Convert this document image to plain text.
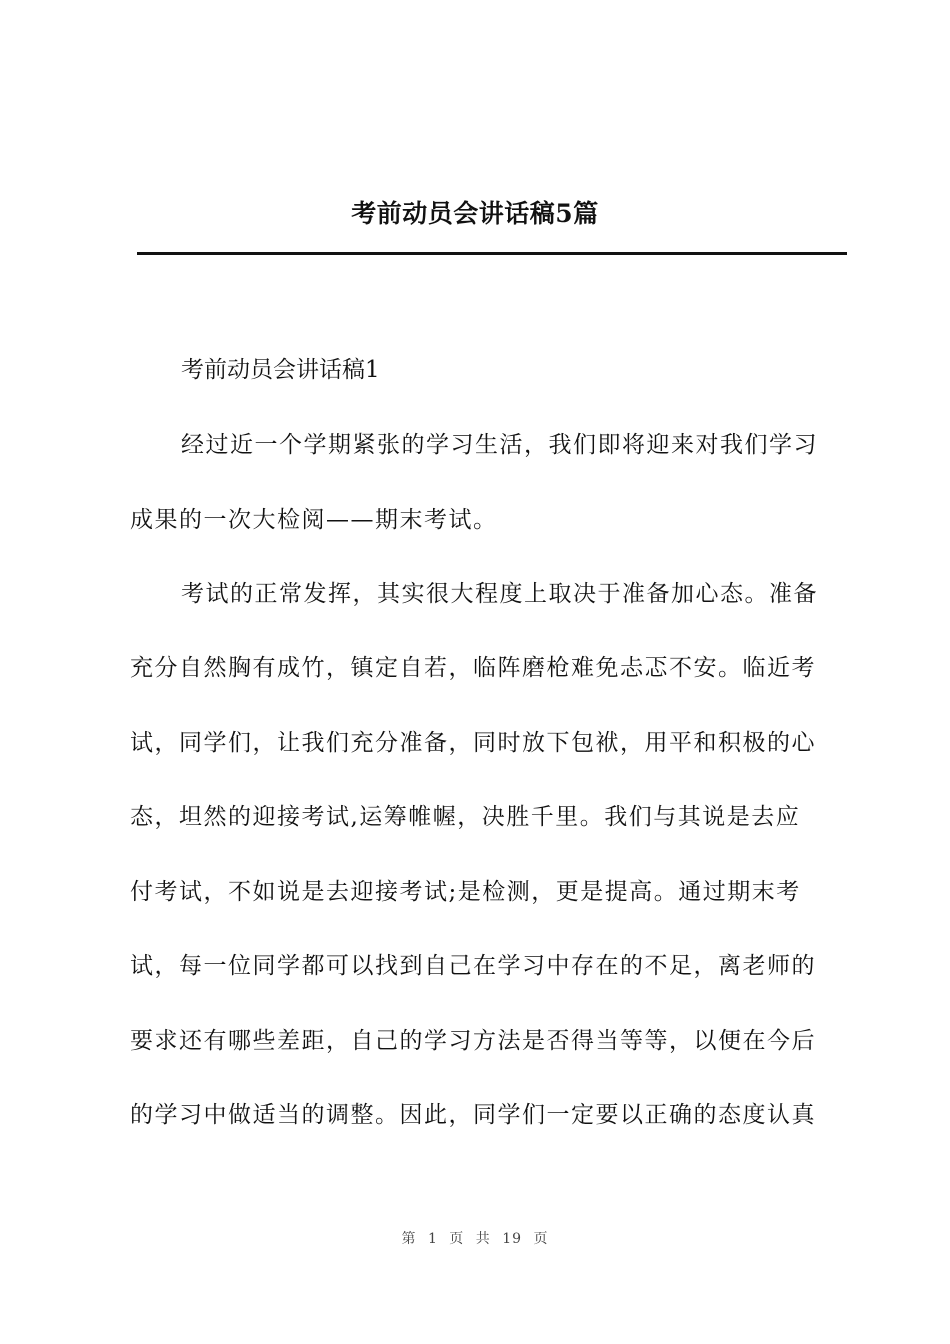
考前动员会讲话稿5篇
考前动员会讲话稿1
经过近一个学期紧张的学习生活，我们即将迎来对我们学习
成果的一次大检阅——期末考试。
考试的正常发挥，其实很大程度上取决于准备加心态。准备
充分自然胸有成竹，镇定自若，临阵磨枪难免忐忑不安。临近考
试，同学们，让我们充分准备，同时放下包袱，用平和积极的心
态，坦然的迎接考试,运筹帷幄，决胜千里。我们与其说是去应
付考试，不如说是去迎接考试;是检测，更是提高。通过期末考
试，每一位同学都可以找到自己在学习中存在的不足，离老师的
要求还有哪些差距，自己的学习方法是否得当等等，以便在今后
的学习中做适当的调整。因此，同学们一定要以正确的态度认真
第 1 页 共 19 页
